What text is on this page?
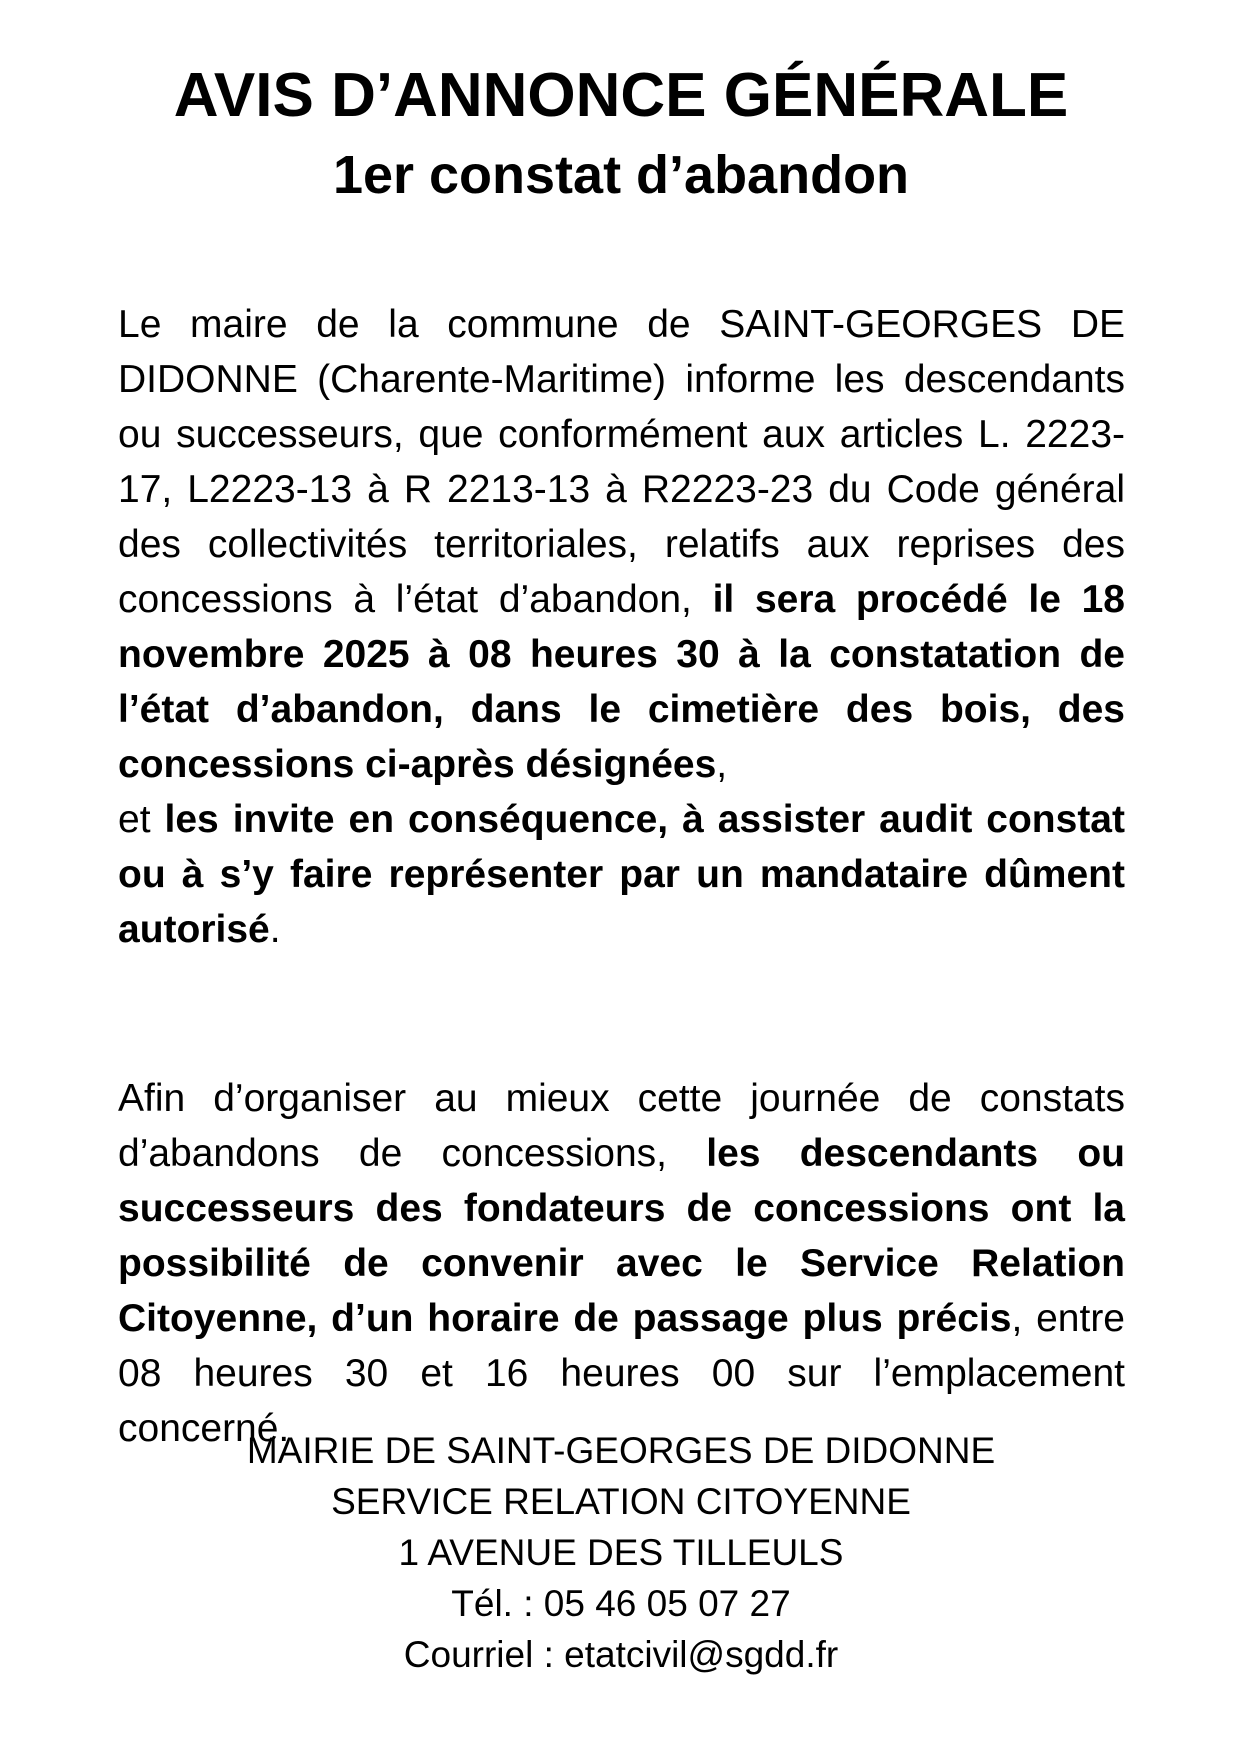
AVIS D’ANNONCE GÉNÉRALE
1er constat d’abandon

Le maire de la commune de SAINT-GEORGES DE DIDONNE (Charente-Maritime) informe les descendants ou successeurs, que conformément aux articles L. 2223-17, L2223-13 à R 2213-13 à R2223-23 du Code général des collectivités territoriales, relatifs aux reprises des concessions à l’état d’abandon, il sera procédé le 18 novembre 2025 à 08 heures 30 à la constatation de l’état d’abandon, dans le cimetière des bois, des concessions ci-après désignées,
et les invite en conséquence, à assister audit constat ou à s’y faire représenter par un mandataire dûment autorisé.

Afin d’organiser au mieux cette journée de constats d’abandons de concessions, les descendants ou successeurs des fondateurs de concessions ont la possibilité de convenir avec le Service Relation Citoyenne, d’un horaire de passage plus précis, entre 08 heures 30 et 16 heures 00 sur l’emplacement concerné.

MAIRIE DE SAINT-GEORGES DE DIDONNE
SERVICE RELATION CITOYENNE
1 AVENUE DES TILLEULS
Tél. : 05 46 05 07 27
Courriel : etatcivil@sgdd.fr
